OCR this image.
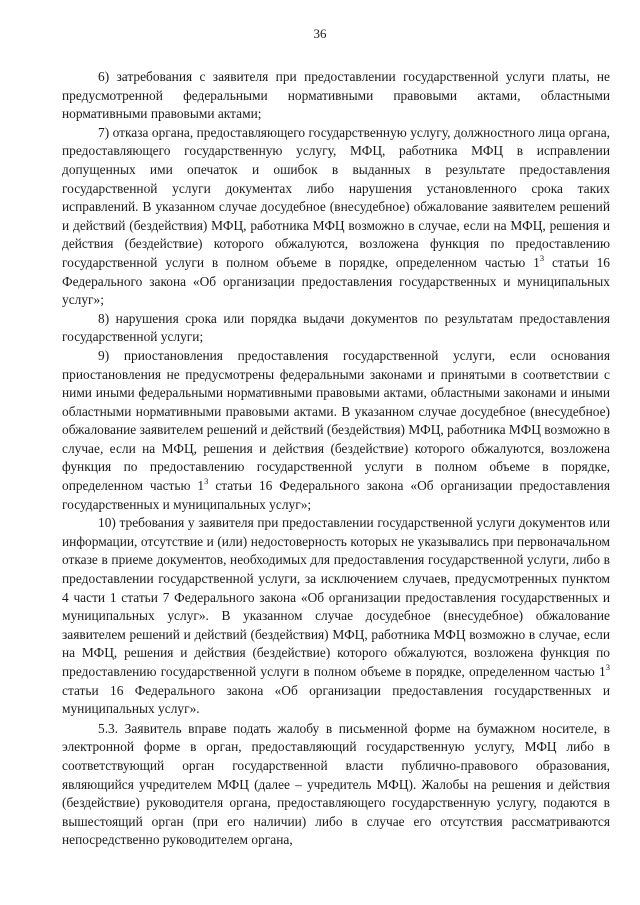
36

6) затребования с заявителя при предоставлении государственной услуги платы, не предусмотренной федеральными нормативными правовыми актами, областными нормативными правовыми актами;

7) отказа органа, предоставляющего государственную услугу, должностного лица органа, предоставляющего государственную услугу, МФЦ, работника МФЦ в исправлении допущенных ими опечаток и ошибок в выданных в результате предоставления государственной услуги документах либо нарушения установленного срока таких исправлений. В указанном случае досудебное (внесудебное) обжалование заявителем решений и действий (бездействия) МФЦ, работника МФЦ возможно в случае, если на МФЦ, решения и действия (бездействие) которого обжалуются, возложена функция по предоставлению государственной услуги в полном объеме в порядке, определенном частью $1^3$ статьи 16 Федерального закона «Об организации предоставления государственных и муниципальных услуг»;

8) нарушения срока или порядка выдачи документов по результатам предоставления государственной услуги;

9) приостановления предоставления государственной услуги, если основания приостановления не предусмотрены федеральными законами и принятыми в соответствии с ними иными федеральными нормативными правовыми актами, областными законами и иными областными нормативными правовыми актами. В указанном случае досудебное (внесудебное) обжалование заявителем решений и действий (бездействия) МФЦ, работника МФЦ возможно в случае, если на МФЦ, решения и действия (бездействие) которого обжалуются, возложена функция по предоставлению государственной услуги в полном объеме в порядке, определенном частью $1^3$ статьи 16 Федерального закона «Об организации предоставления государственных и муниципальных услуг»;

10) требования у заявителя при предоставлении государственной услуги документов или информации, отсутствие и (или) недостоверность которых не указывались при первоначальном отказе в приеме документов, необходимых для предоставления государственной услуги, либо в предоставлении государственной услуги, за исключением случаев, предусмотренных пунктом 4 части 1 статьи 7 Федерального закона «Об организации предоставления государственных и муниципальных услуг». В указанном случае досудебное (внесудебное) обжалование заявителем решений и действий (бездействия) МФЦ, работника МФЦ возможно в случае, если на МФЦ, решения и действия (бездействие) которого обжалуются, возложена функция по предоставлению государственной услуги в полном объеме в порядке, определенном частью $1^3$ статьи 16 Федерального закона «Об организации предоставления государственных и муниципальных услуг».

5.3. Заявитель вправе подать жалобу в письменной форме на бумажном носителе, в электронной форме в орган, предоставляющий государственную услугу, МФЦ либо в соответствующий орган государственной власти публично-правового образования, являющийся учредителем МФЦ (далее – учредитель МФЦ). Жалобы на решения и действия (бездействие) руководителя органа, предоставляющего государственную услугу, подаются в вышестоящий орган (при его наличии) либо в случае его отсутствия рассматриваются непосредственно руководителем органа,
